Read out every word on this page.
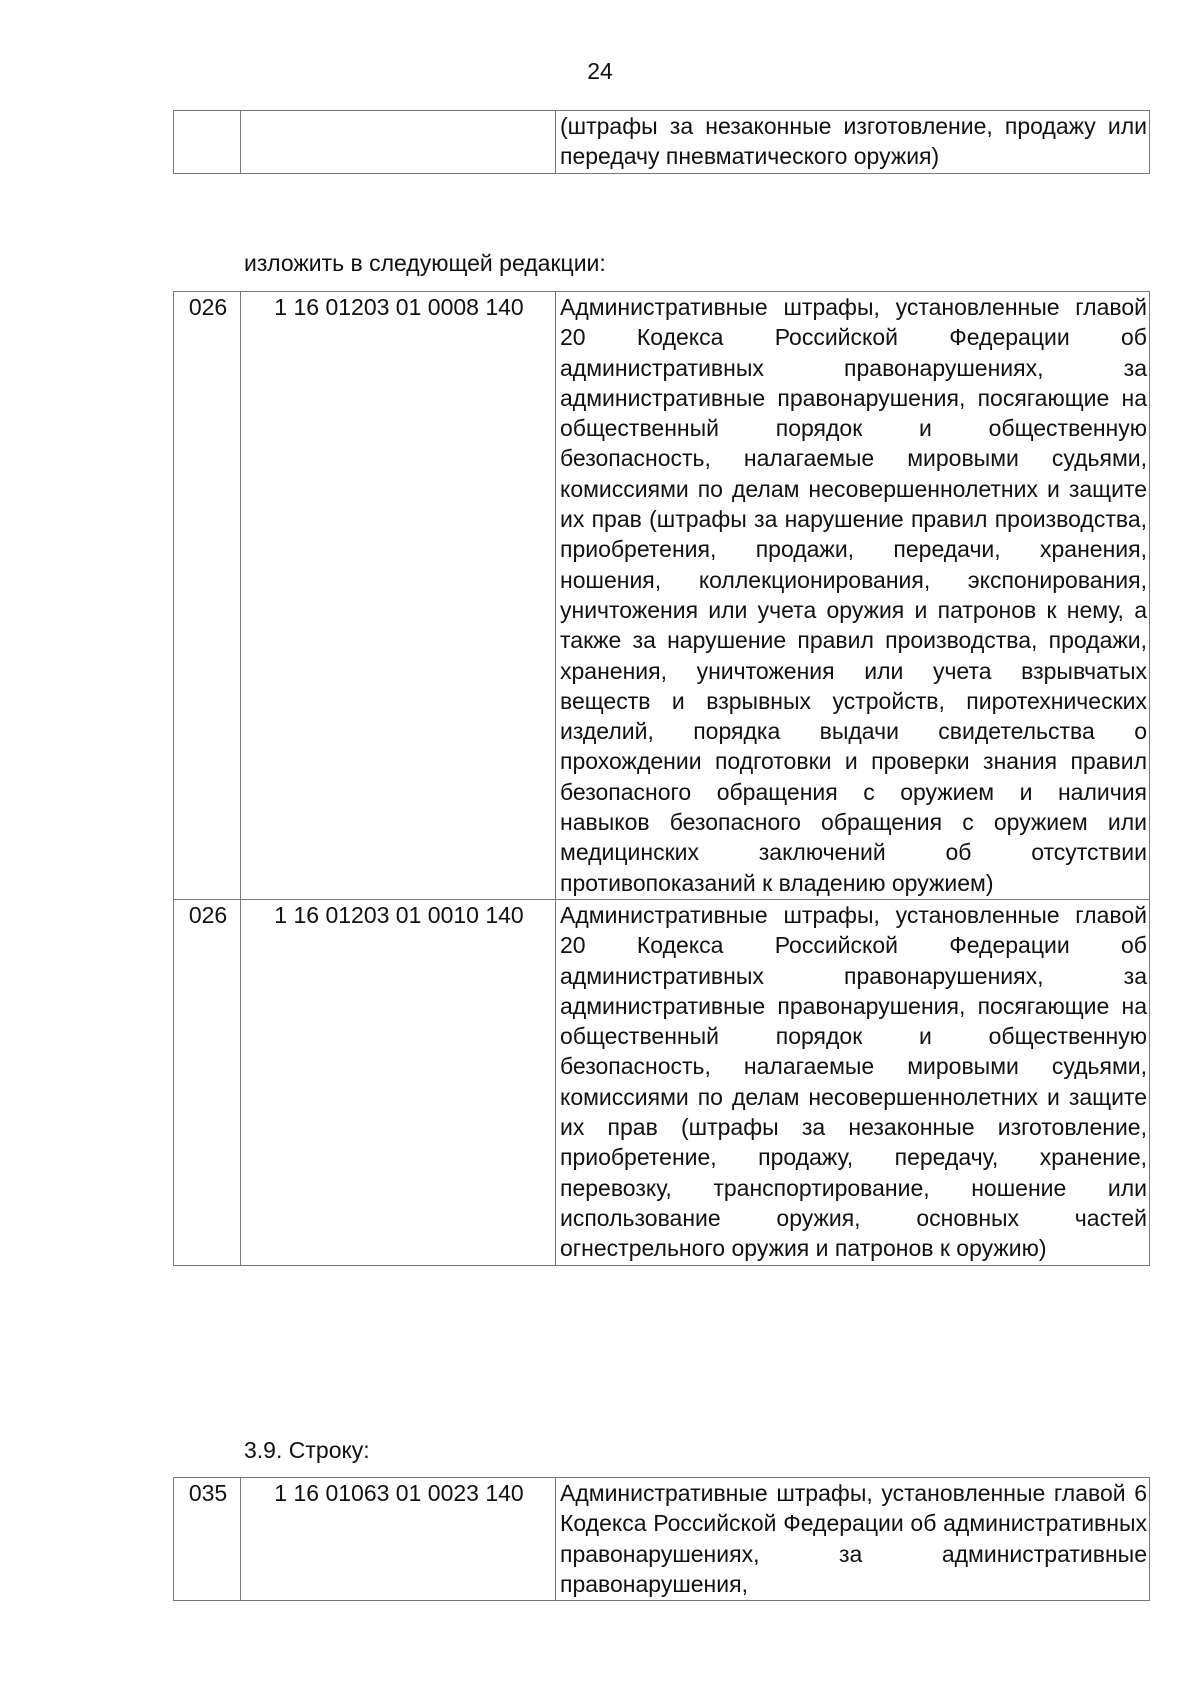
24
		(штрафы за незаконные изготовление, продажу или передачу пневматического оружия)
изложить в следующей редакции:
026	1 16 01203 01 0008 140	Административные штрафы, установленные главой 20 Кодекса Российской Федерации об административных правонарушениях, за административные правонарушения, посягающие на общественный порядок и общественную безопасность, налагаемые мировыми судьями, комиссиями по делам несовершеннолетних и защите их прав (штрафы за нарушение правил производства, приобретения, продажи, передачи, хранения, ношения, коллекционирования, экспонирования, уничтожения или учета оружия и патронов к нему, а также за нарушение правил производства, продажи, хранения, уничтожения или учета взрывчатых веществ и взрывных устройств, пиротехнических изделий, порядка выдачи свидетельства о прохождении подготовки и проверки знания правил безопасного обращения с оружием и наличия навыков безопасного обращения с оружием или медицинских заключений об отсутствии противопоказаний к владению оружием)
026	1 16 01203 01 0010 140	Административные штрафы, установленные главой 20 Кодекса Российской Федерации об административных правонарушениях, за административные правонарушения, посягающие на общественный порядок и общественную безопасность, налагаемые мировыми судьями, комиссиями по делам несовершеннолетних и защите их прав (штрафы за незаконные изготовление, приобретение, продажу, передачу, хранение, перевозку, транспортирование, ношение или использование оружия, основных частей огнестрельного оружия и патронов к оружию)
3.9. Строку:
035	1 16 01063 01 0023 140	Административные штрафы, установленные главой 6 Кодекса Российской Федерации об административных правонарушениях, за административные правонарушения,
